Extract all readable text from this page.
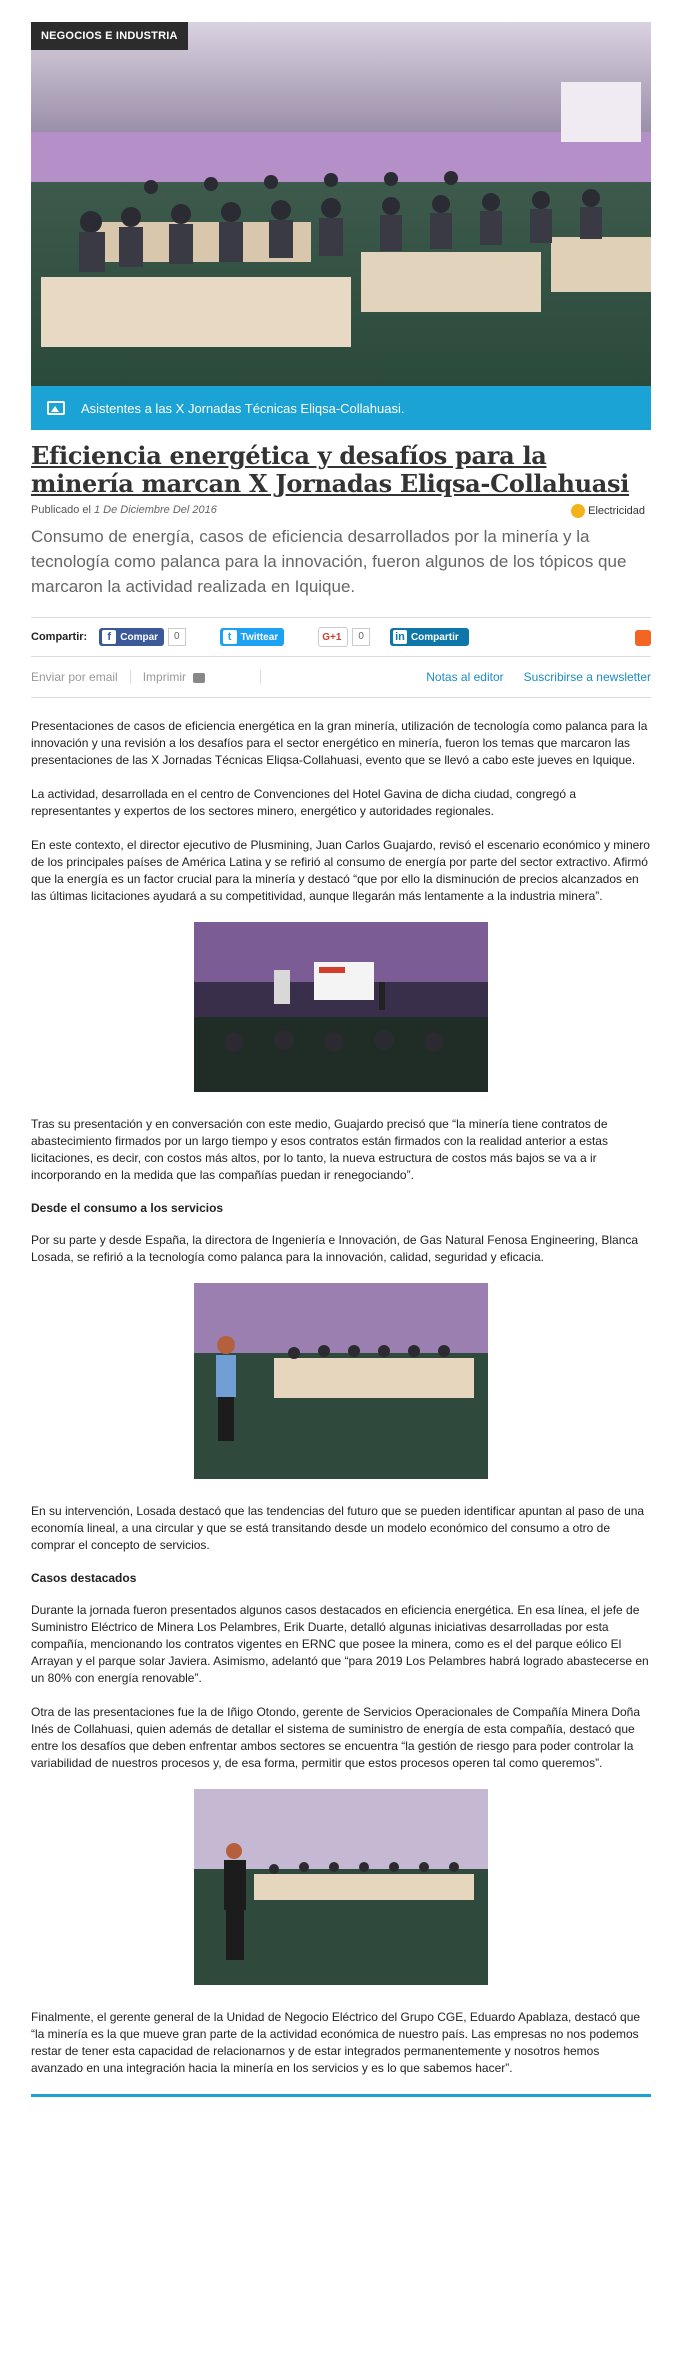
NEGOCIOS E INDUSTRIA
Asistentes a las X Jornadas Técnicas Eliqsa-Collahuasi.
Eficiencia energética y desafíos para la minería marcan X Jornadas Eliqsa-Collahuasi
Publicado el 1 De Diciembre Del 2016	Electricidad

Consumo de energía, casos de eficiencia desarrollados por la minería y la tecnología como palanca para la innovación, fueron algunos de los tópicos que marcaron la actividad realizada en Iquique.

Compartir:	f Compar	0	t Twittear	G+1	0	in Compartir
Enviar por email	Imprimir	Notas al editor Suscribirse a newsletter

Presentaciones de casos de eficiencia energética en la gran minería, utilización de tecnología como palanca para la innovación y una revisión a los desafíos para el sector energético en minería, fueron los temas que marcaron las presentaciones de las X Jornadas Técnicas Eliqsa-Collahuasi, evento que se llevó a cabo este jueves en Iquique.

La actividad, desarrollada en el centro de Convenciones del Hotel Gavina de dicha ciudad, congregó a representantes y expertos de los sectores minero, energético y autoridades regionales.

En este contexto, el director ejecutivo de Plusmining, Juan Carlos Guajardo, revisó el escenario económico y minero de los principales países de América Latina y se refirió al consumo de energía por parte del sector extractivo. Afirmó que la energía es un factor crucial para la minería y destacó “que por ello la disminución de precios alcanzados en las últimas licitaciones ayudará a su competitividad, aunque llegarán más lentamente a la industria minera”.

Tras su presentación y en conversación con este medio, Guajardo precisó que “la minería tiene contratos de abastecimiento firmados por un largo tiempo y esos contratos están firmados con la realidad anterior a estas licitaciones, es decir, con costos más altos, por lo tanto, la nueva estructura de costos más bajos se va a ir incorporando en la medida que las compañías puedan ir renegociando”.

Desde el consumo a los servicios

Por su parte y desde España, la directora de Ingeniería e Innovación, de Gas Natural Fenosa Engineering, Blanca Losada, se refirió a la tecnología como palanca para la innovación, calidad, seguridad y eficacia.

En su intervención, Losada destacó que las tendencias del futuro que se pueden identificar apuntan al paso de una economía lineal, a una circular y que se está transitando desde un modelo económico del consumo a otro de comprar el concepto de servicios.

Casos destacados

Durante la jornada fueron presentados algunos casos destacados en eficiencia energética. En esa línea, el jefe de Suministro Eléctrico de Minera Los Pelambres, Erik Duarte, detalló algunas iniciativas desarrolladas por esta compañía, mencionando los contratos vigentes en ERNC que posee la minera, como es el del parque eólico El Arrayan y el parque solar Javiera. Asimismo, adelantó que “para 2019 Los Pelambres habrá logrado abastecerse en un 80% con energía renovable”.

Otra de las presentaciones fue la de Iñigo Otondo, gerente de Servicios Operacionales de Compañía Minera Doña Inés de Collahuasi, quien además de detallar el sistema de suministro de energía de esta compañía, destacó que entre los desafíos que deben enfrentar ambos sectores se encuentra “la gestión de riesgo para poder controlar la variabilidad de nuestros procesos y, de esa forma, permitir que estos procesos operen tal como queremos”.

Finalmente, el gerente general de la Unidad de Negocio Eléctrico del Grupo CGE, Eduardo Apablaza, destacó que “la minería es la que mueve gran parte de la actividad económica de nuestro país. Las empresas no nos podemos restar de tener esta capacidad de relacionarnos y de estar integrados permanentemente y nosotros hemos avanzado en una integración hacia la minería en los servicios y es lo que sabemos hacer”.
